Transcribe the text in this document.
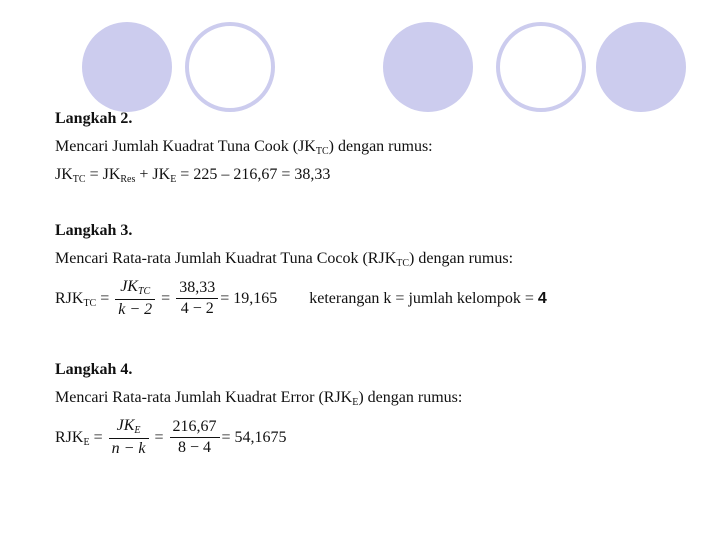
Langkah 2.
Mencari Jumlah Kuadrat Tuna Cook (JKTC) dengan rumus:
JKTC = JKRes + JKE = 225 – 216,67 = 38,33
Langkah 3.
Mencari Rata-rata Jumlah Kuadrat Tuna Cocok (RJKTC) dengan rumus:
RJKTC = $\frac{\text{JKTC}}{k - 2} = \frac{38,33}{4 - 2} = 19,165$ keterangan k = jumlah kelompok = 4
Langkah 4.
Mencari Rata-rata Jumlah Kuadrat Error (RJKE) dengan rumus:
RJKE = $\frac{\text{JKE}}{n - k} = \frac{216,67}{8 - 4} = 54,1675$
